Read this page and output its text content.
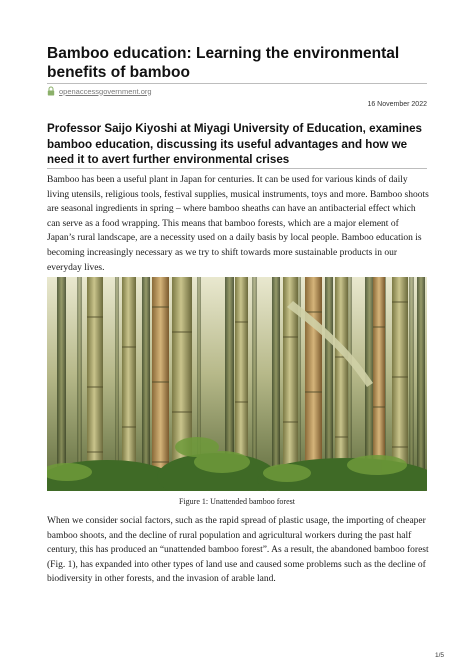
Bamboo education: Learning the environmental benefits of bamboo
openaccessgovernment.org
16 November 2022
Professor Saijo Kiyoshi at Miyagi University of Education, examines bamboo education, discussing its useful advantages and how we need it to avert further environmental crises

Bamboo has been a useful plant in Japan for centuries. It can be used for various kinds of daily living utensils, religious tools, festival supplies, musical instruments, toys and more. Bamboo shoots are seasonal ingredients in spring – where bamboo sheaths can have an antibacterial effect which can serve as a food wrapping. This means that bamboo forests, which are a major element of Japan’s rural landscape, are a necessity used on a daily basis by local people. Bamboo education is becoming increasingly necessary as we try to shift towards more sustainable products in our everyday lives.

Figure 1: Unattended bamboo forest

When we consider social factors, such as the rapid spread of plastic usage, the importing of cheaper bamboo shoots, and the decline of rural population and agricultural workers during the past half century, this has produced an “unattended bamboo forest”. As a result, the abandoned bamboo forest (Fig. 1), has expanded into other types of land use and caused some problems such as the decline of biodiversity in other forests, and the invasion of arable land.

1/5
